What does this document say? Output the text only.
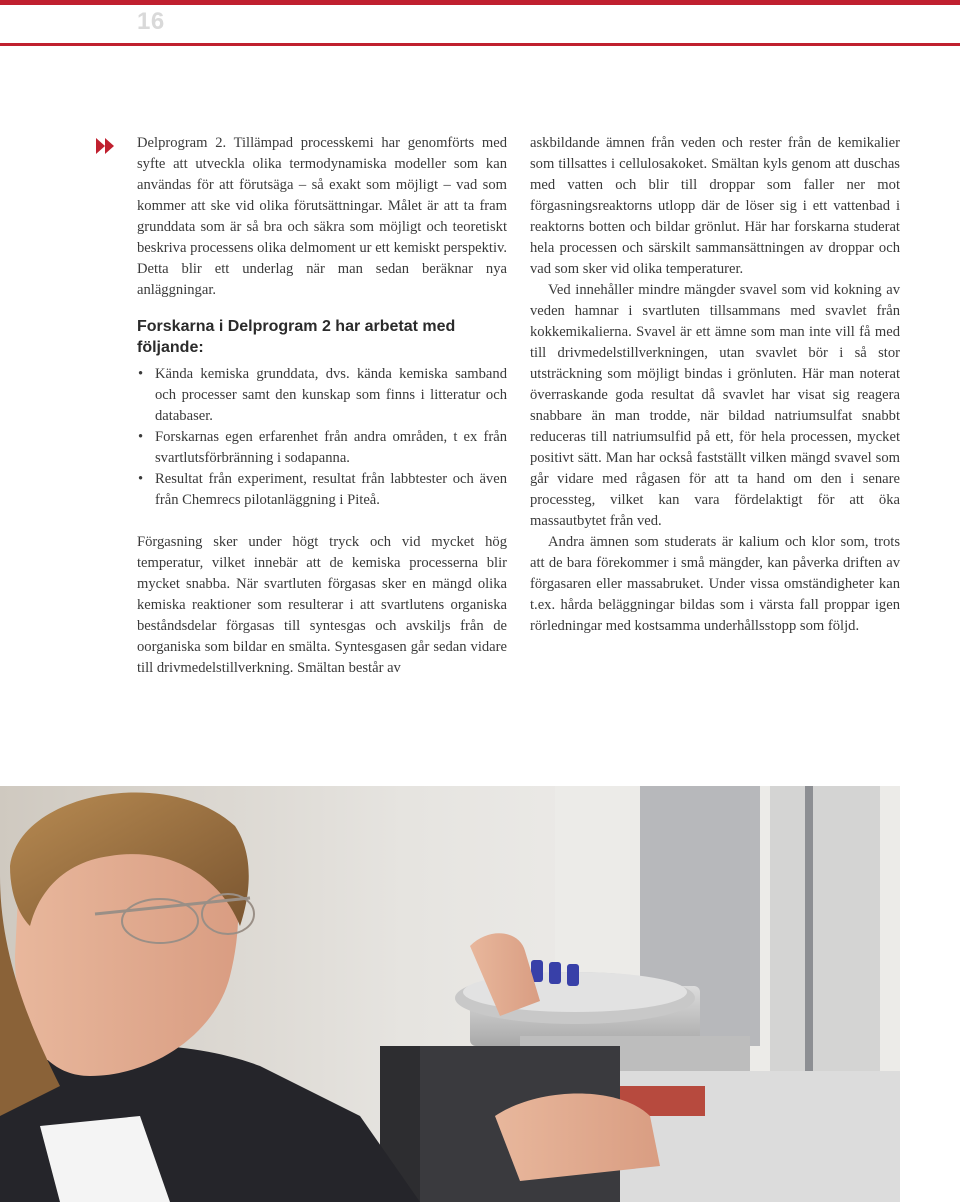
16

Delprogram 2. Tillämpad processkemi har genomförts med syfte att utveckla olika termodynamiska modeller som kan användas för att förutsäga – så exakt som möjligt – vad som kommer att ske vid olika förutsättningar. Målet är att ta fram grunddata som är så bra och säkra som möjligt och teoretiskt beskriva processens olika delmoment ur ett kemiskt perspektiv. Detta blir ett underlag när man sedan beräknar nya anläggningar.

Forskarna i Delprogram 2 har arbetat med följande:
• Kända kemiska grunddata, dvs. kända kemiska samband och processer samt den kunskap som finns i litteratur och databaser.
• Forskarnas egen erfarenhet från andra områden, t ex från svartlutsförbränning i sodapanna.
• Resultat från experiment, resultat från labbtester och även från Chemrecs pilotanläggning i Piteå.

Förgasning sker under högt tryck och vid mycket hög temperatur, vilket innebär att de kemiska processerna blir mycket snabba. När svartluten förgasas sker en mängd olika kemiska reaktioner som resulterar i att svartlutens organiska beståndsdelar förgasas till syntesgas och avskiljs från de oorganiska som bildar en smälta. Syntesgasen går sedan vidare till drivmedelstillverkning. Smältan består av

askbildande ämnen från veden och rester från de kemikalier som tillsattes i cellulosakoket. Smältan kyls genom att duschas med vatten och blir till droppar som faller ner mot förgasningsreaktorns utlopp där de löser sig i ett vattenbad i reaktorns botten och bildar grönlut. Här har forskarna studerat hela processen och särskilt sammansättningen av droppar och vad som sker vid olika temperaturer.

Ved innehåller mindre mängder svavel som vid kokning av veden hamnar i svartluten tillsammans med svavlet från kokkemikalierna. Svavel är ett ämne som man inte vill få med till drivmedelstillverkningen, utan svavlet bör i så stor utsträckning som möjligt bindas i grönluten. Här man noterat överraskande goda resultat då svavlet har visat sig reagera snabbare än man trodde, när bildad natriumsulfat snabbt reduceras till natriumsulfid på ett, för hela processen, mycket positivt sätt. Man har också fastställt vilken mängd svavel som går vidare med rågasen för att ta hand om den i senare processteg, vilket kan vara fördelaktigt för att öka massautbytet från ved.

Andra ämnen som studerats är kalium och klor som, trots att de bara förekommer i små mängder, kan påverka driften av förgasaren eller massabruket. Under vissa omständigheter kan t.ex. hårda beläggningar bildas som i värsta fall proppar igen rörledningar med kostsamma underhållsstopp som följd.
